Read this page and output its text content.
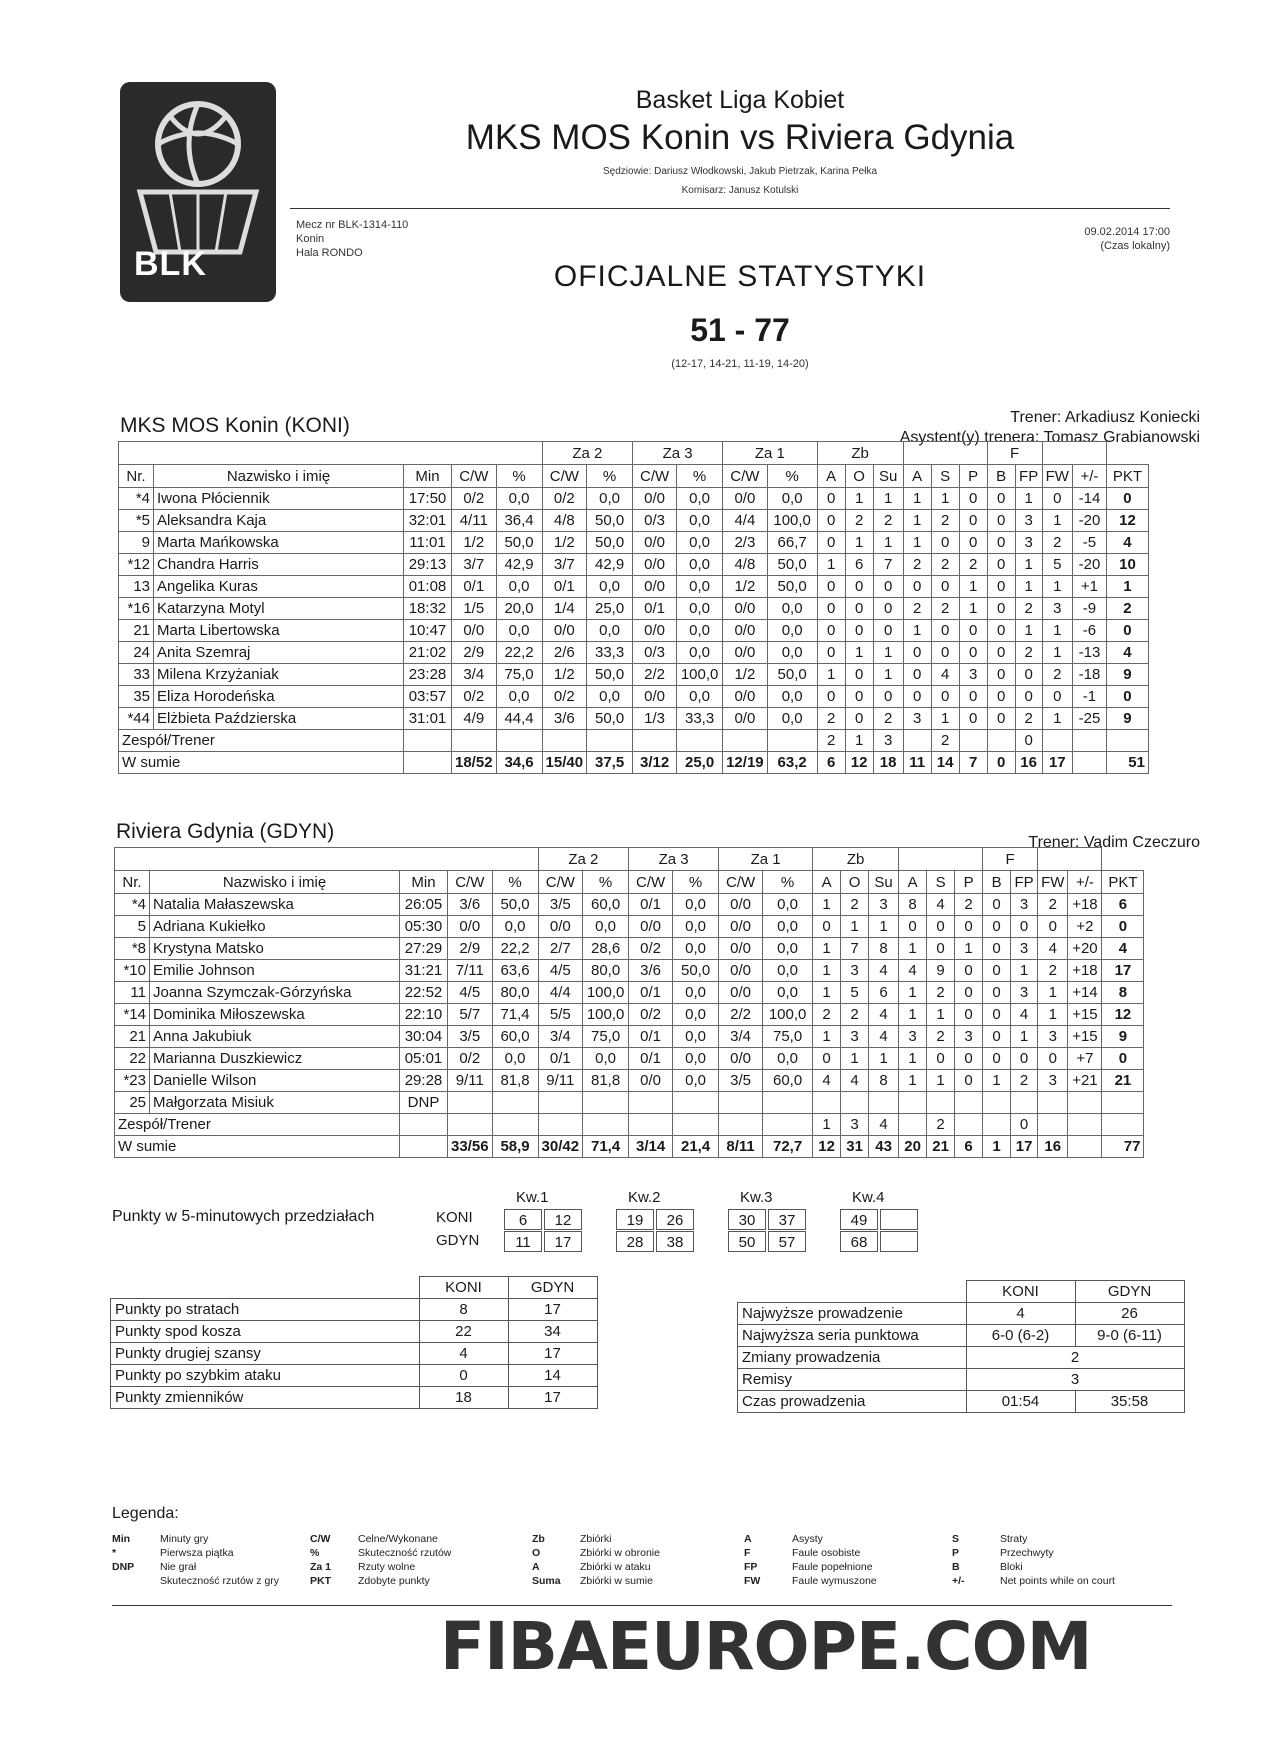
BLK
Basket Liga Kobiet
MKS MOS Konin vs Riviera Gdynia
Sędziowie: Dariusz Włodkowski, Jakub Pietrzak, Karina Pełka
Komisarz: Janusz Kotulski
Mecz nr BLK-1314-110
Konin
Hala RONDO
09.02.2014 17:00
(Czas lokalny)
OFICJALNE STATYSTYKI
51 - 77
(12-17, 14-21, 11-19, 14-20)
MKS MOS Konin (KONI)	Trener: Arkadiusz Koniecki
Asystent(y) trenera: Tomasz Grabianowski
					Za 2		Za 3		Za 1		Zb						F				
Nr.	Nazwisko i imię	Min	C/W	%	C/W	%	C/W	%	C/W	%	A	O	Su	A	S	P	B	FP	FW	+/-	PKT
*4	Iwona Płóciennik	17:50	0/2	0,0	0/2	0,0	0/0	0,0	0/0	0,0	0	1	1	1	1	0	0	1	0	-14	0
*5	Aleksandra Kaja	32:01	4/11	36,4	4/8	50,0	0/3	0,0	4/4	100,0	0	2	2	1	2	0	0	3	1	-20	12
9	Marta Mańkowska	11:01	1/2	50,0	1/2	50,0	0/0	0,0	2/3	66,7	0	1	1	1	0	0	0	3	2	-5	4
*12	Chandra Harris	29:13	3/7	42,9	3/7	42,9	0/0	0,0	4/8	50,0	1	6	7	2	2	2	0	1	5	-20	10
13	Angelika Kuras	01:08	0/1	0,0	0/1	0,0	0/0	0,0	1/2	50,0	0	0	0	0	0	1	0	1	1	+1	1
*16	Katarzyna Motyl	18:32	1/5	20,0	1/4	25,0	0/1	0,0	0/0	0,0	0	0	0	2	2	1	0	2	3	-9	2
21	Marta Libertowska	10:47	0/0	0,0	0/0	0,0	0/0	0,0	0/0	0,0	0	0	0	1	0	0	0	1	1	-6	0
24	Anita Szemraj	21:02	2/9	22,2	2/6	33,3	0/3	0,0	0/0	0,0	0	1	1	0	0	0	0	2	1	-13	4
33	Milena Krzyżaniak	23:28	3/4	75,0	1/2	50,0	2/2	100,0	1/2	50,0	1	0	1	0	4	3	0	0	2	-18	9
35	Eliza Horodeńska	03:57	0/2	0,0	0/2	0,0	0/0	0,0	0/0	0,0	0	0	0	0	0	0	0	0	0	-1	0
*44	Elżbieta Paździerska	31:01	4/9	44,4	3/6	50,0	1/3	33,3	0/0	0,0	2	0	2	3	1	0	0	2	1	-25	9
Zespół/Trener											2	1	3		2			0			
W sumie			18/52	34,6	15/40	37,5	3/12	25,0	12/19	63,2	6	12	18	11	14	7	0	16	17		51
Riviera Gdynia (GDYN)	Trener: Vadim Czeczuro
					Za 2		Za 3		Za 1		Zb						F				
Nr.	Nazwisko i imię	Min	C/W	%	C/W	%	C/W	%	C/W	%	A	O	Su	A	S	P	B	FP	FW	+/-	PKT
*4	Natalia Małaszewska	26:05	3/6	50,0	3/5	60,0	0/1	0,0	0/0	0,0	1	2	3	8	4	2	0	3	2	+18	6
5	Adriana Kukiełko	05:30	0/0	0,0	0/0	0,0	0/0	0,0	0/0	0,0	0	1	1	0	0	0	0	0	0	+2	0
*8	Krystyna Matsko	27:29	2/9	22,2	2/7	28,6	0/2	0,0	0/0	0,0	1	7	8	1	0	1	0	3	4	+20	4
*10	Emilie Johnson	31:21	7/11	63,6	4/5	80,0	3/6	50,0	0/0	0,0	1	3	4	4	9	0	0	1	2	+18	17
11	Joanna Szymczak-Górzyńska	22:52	4/5	80,0	4/4	100,0	0/1	0,0	0/0	0,0	1	5	6	1	2	0	0	3	1	+14	8
*14	Dominika Miłoszewska	22:10	5/7	71,4	5/5	100,0	0/2	0,0	2/2	100,0	2	2	4	1	1	0	0	4	1	+15	12
21	Anna Jakubiuk	30:04	3/5	60,0	3/4	75,0	0/1	0,0	3/4	75,0	1	3	4	3	2	3	0	1	3	+15	9
22	Marianna Duszkiewicz	05:01	0/2	0,0	0/1	0,0	0/1	0,0	0/0	0,0	0	1	1	1	0	0	0	0	0	+7	0
*23	Danielle Wilson	29:28	9/11	81,8	9/11	81,8	0/0	0,0	3/5	60,0	4	4	8	1	1	0	1	2	3	+21	21
25	Małgorzata Misiuk	DNP																			
Zespół/Trener											1	3	4		2			0			
W sumie			33/56	58,9	30/42	71,4	3/14	21,4	8/11	72,7	12	31	43	20	21	6	1	17	16		77
Punkty w 5-minutowych przedziałach
Kw.1	Kw.2	Kw.3	Kw.4
KONI
GDYN
6	12	19	26	30	37	49
11	17	28	38	50	57	68
	KONI	GDYN
Punkty po stratach	8	17
Punkty spod kosza	22	34
Punkty drugiej szansy	4	17
Punkty po szybkim ataku	0	14
Punkty zmienników	18	17
	KONI	GDYN
Najwyższe prowadzenie	4	26
Najwyższa seria punktowa	6-0 (6-2)	9-0 (6-11)
Zmiany prowadzenia	2	
Remisy	3	
Czas prowadzenia	01:54	35:58
Legenda:
Min	Minuty gry
*	Pierwsza piątka
DNP Nie grał
Skuteczność rzutów z gry
C/W	Celne/Wykonane
%	Skuteczność rzutów
Za 1	Rzuty wolne
PKT	Zdobyte punkty
Zb	Zbiórki
O	Zbiórki w obronie
A	Zbiórki w ataku
Suma Zbiórki w sumie
A	Asysty
F	Faule osobiste
FP	Faule popełnione
FW	Faule wymuszone
S	Straty
P	Przechwyty
B	Bloki
+/-	Net points while on court
FIBAEUROPE.COM
